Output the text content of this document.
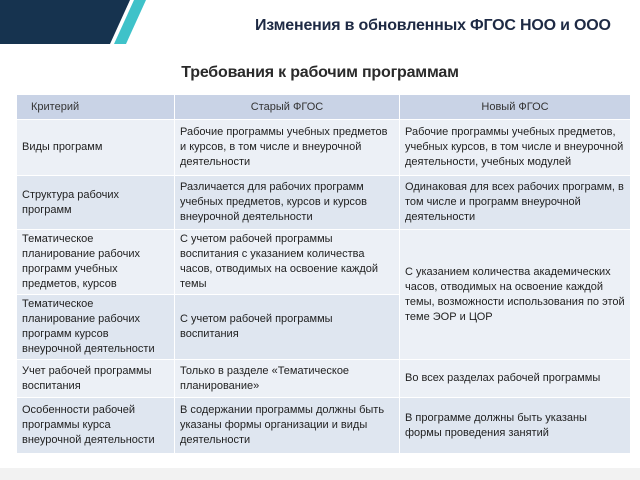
Изменения в обновленных ФГОС НОО и ООО
Требования к рабочим программам
Критерий	Старый ФГОС	Новый ФГОС
Виды программ	Рабочие программы учебных предметов и курсов, в том числе и внеурочной деятельности	Рабочие программы учебных предметов, учебных курсов, в том числе и внеурочной деятельности, учебных модулей
Структура рабочих программ	Различается для рабочих программ учебных предметов, курсов и курсов внеурочной деятельности	Одинаковая для всех рабочих программ, в том числе и программ внеурочной деятельности
Тематическое планирование рабочих программ учебных предметов, курсов	С учетом рабочей программы воспитания с указанием количества часов, отводимых на освоение каждой темы	С указанием количества академических часов, отводимых на освоение каждой темы, возможности использования по этой теме ЭОР и ЦОР
Тематическое планирование рабочих программ курсов внеурочной деятельности	С учетом рабочей программы воспитания	
Учет рабочей программы воспитания	Только в разделе «Тематическое планирование»	Во всех разделах рабочей программы
Особенности рабочей программы курса внеурочной деятельности	В содержании программы должны быть указаны формы организации и виды деятельности	В программе должны быть указаны формы проведения занятий
